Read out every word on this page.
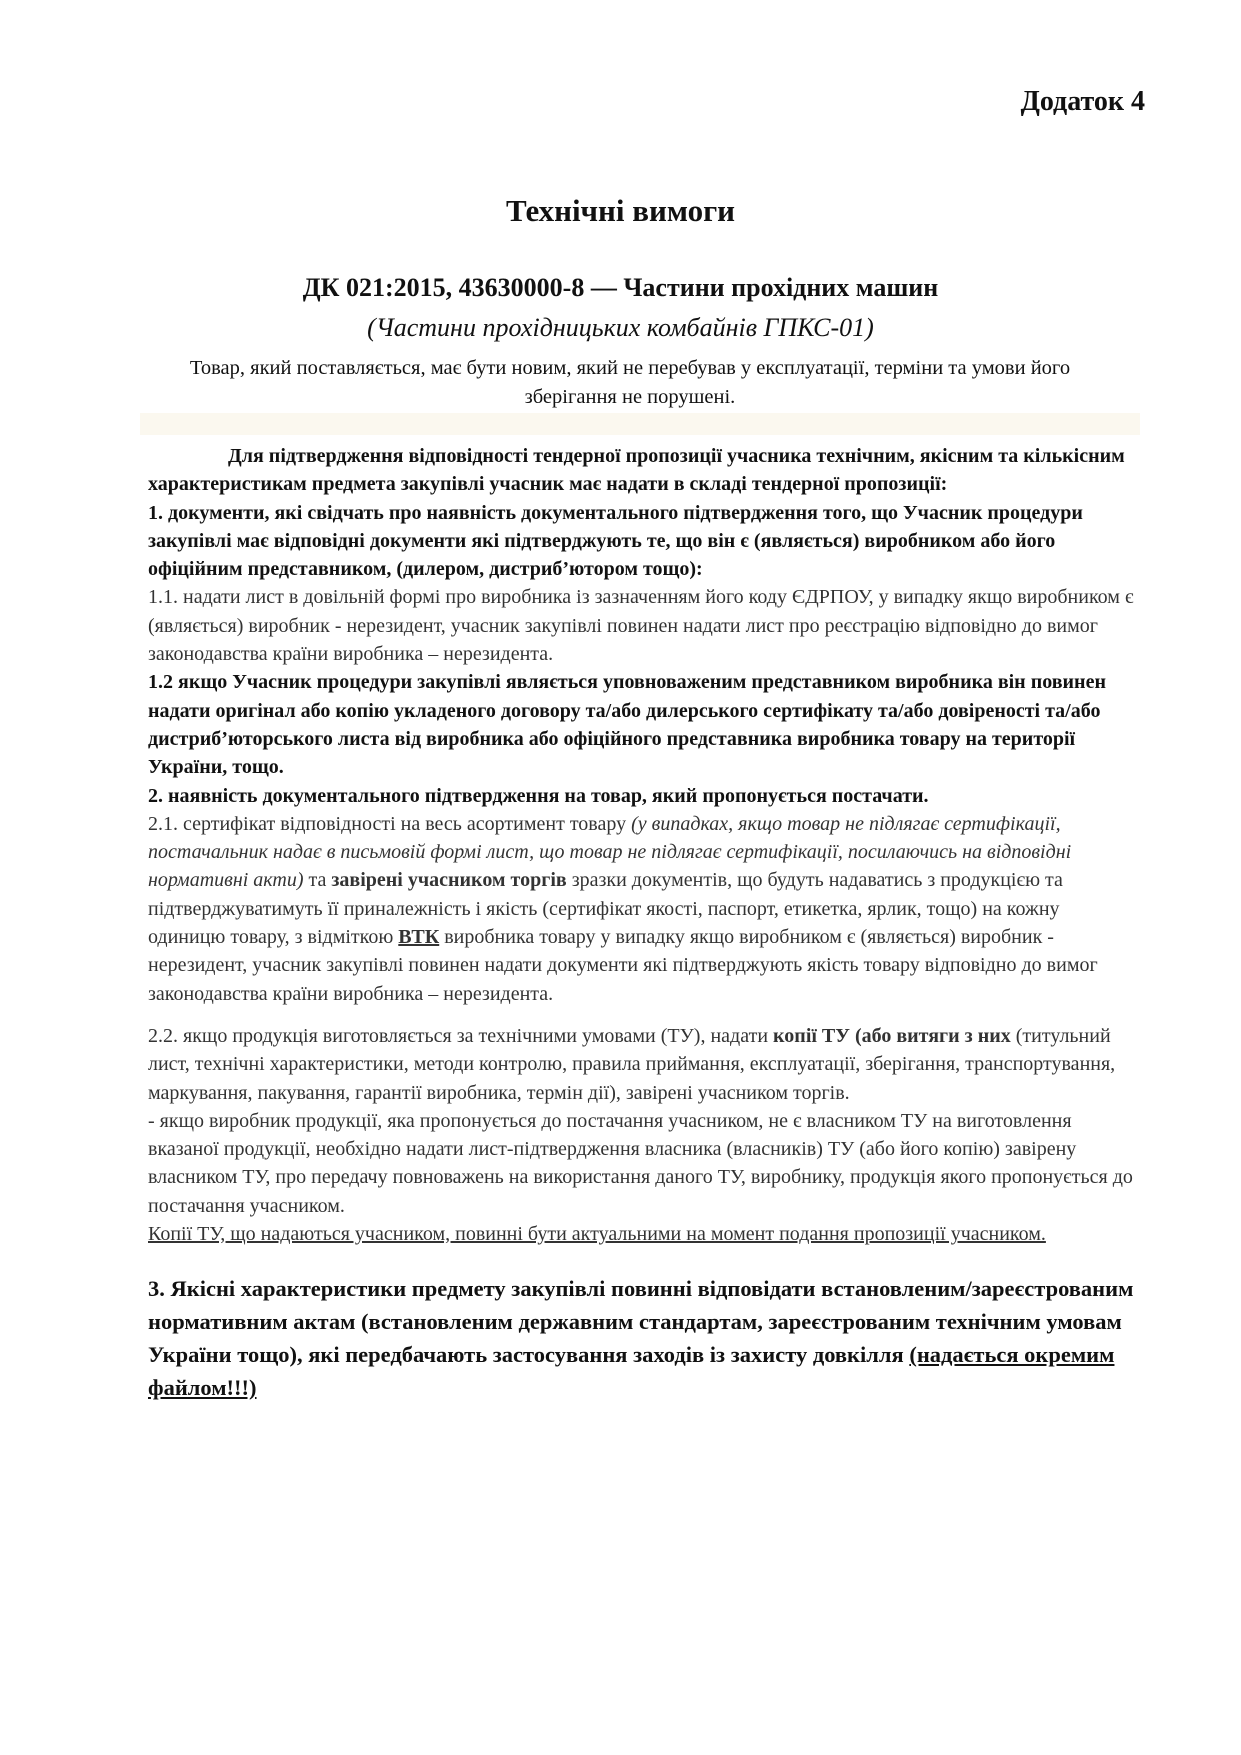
Додаток 4
Технічні вимоги
ДК 021:2015, 43630000-8 — Частини прохідних машин
(Частини прохідницьких комбайнів ГПКС-01)
Товар, який поставляється, має бути новим, який не перебував у експлуатації, терміни та умови його зберігання не порушені.

Для підтвердження відповідності тендерної пропозиції учасника технічним, якісним та кількісним характеристикам предмета закупівлі учасник має надати в складі тендерної пропозиції:

1. документи, які свідчать про наявність документального підтвердження того, що Учасник процедури закупівлі має відповідні документи які підтверджують те, що він є (являється) виробником або його офіційним представником, (дилером, дистриб’ютором тощо):

1.1. надати лист в довільній формі про виробника із зазначенням його коду ЄДРПОУ, у випадку якщо виробником є (являється) виробник - нерезидент, учасник закупівлі повинен надати лист про реєстрацію відповідно до вимог законодавства країни виробника – нерезидента.

1.2 якщо Учасник процедури закупівлі являється уповноваженим представником виробника він повинен надати оригінал або копію укладеного договору та/або дилерського сертифікату та/або довіреності та/або дистриб’юторського листа від виробника або офіційного представника виробника товару на території України, тощо.

2. наявність документального підтвердження на товар, який пропонується постачати.

2.1. сертифікат відповідності на весь асортимент товару (у випадках, якщо товар не підлягає сертифікації, постачальник надає в письмовій формі лист, що товар не підлягає сертифікації, посилаючись на відповідні нормативні акти) та завірені учасником торгів зразки документів, що будуть надаватись з продукцією та підтверджуватимуть її приналежність і якість (сертифікат якості, паспорт, етикетка, ярлик, тощо) на кожну одиницю товару, з відміткою ВТК виробника товару у випадку якщо виробником є (являється) виробник - нерезидент, учасник закупівлі повинен надати документи які підтверджують якість товару відповідно до вимог законодавства країни виробника – нерезидента.

2.2. якщо продукція виготовляється за технічними умовами (ТУ), надати копії ТУ (або витяги з них (титульний лист, технічні характеристики, методи контролю, правила приймання, експлуатації, зберігання, транспортування, маркування, пакування, гарантії виробника, термін дії), завірені учасником торгів.

- якщо виробник продукції, яка пропонується до постачання учасником, не є власником ТУ на виготовлення вказаної продукції, необхідно надати лист-підтвердження власника (власників) ТУ (або його копію) завірену власником ТУ, про передачу повноважень на використання даного ТУ, виробнику, продукція якого пропонується до постачання учасником.

Копії ТУ, що надаються учасником, повинні бути актуальними на момент подання пропозиції учасником.

3. Якісні характеристики предмету закупівлі повинні відповідати встановленим/зареєстрованим нормативним актам (встановленим державним стандартам, зареєстрованим технічним умовам України тощо), які передбачають застосування заходів із захисту довкілля (надається окремим файлом!!!)
